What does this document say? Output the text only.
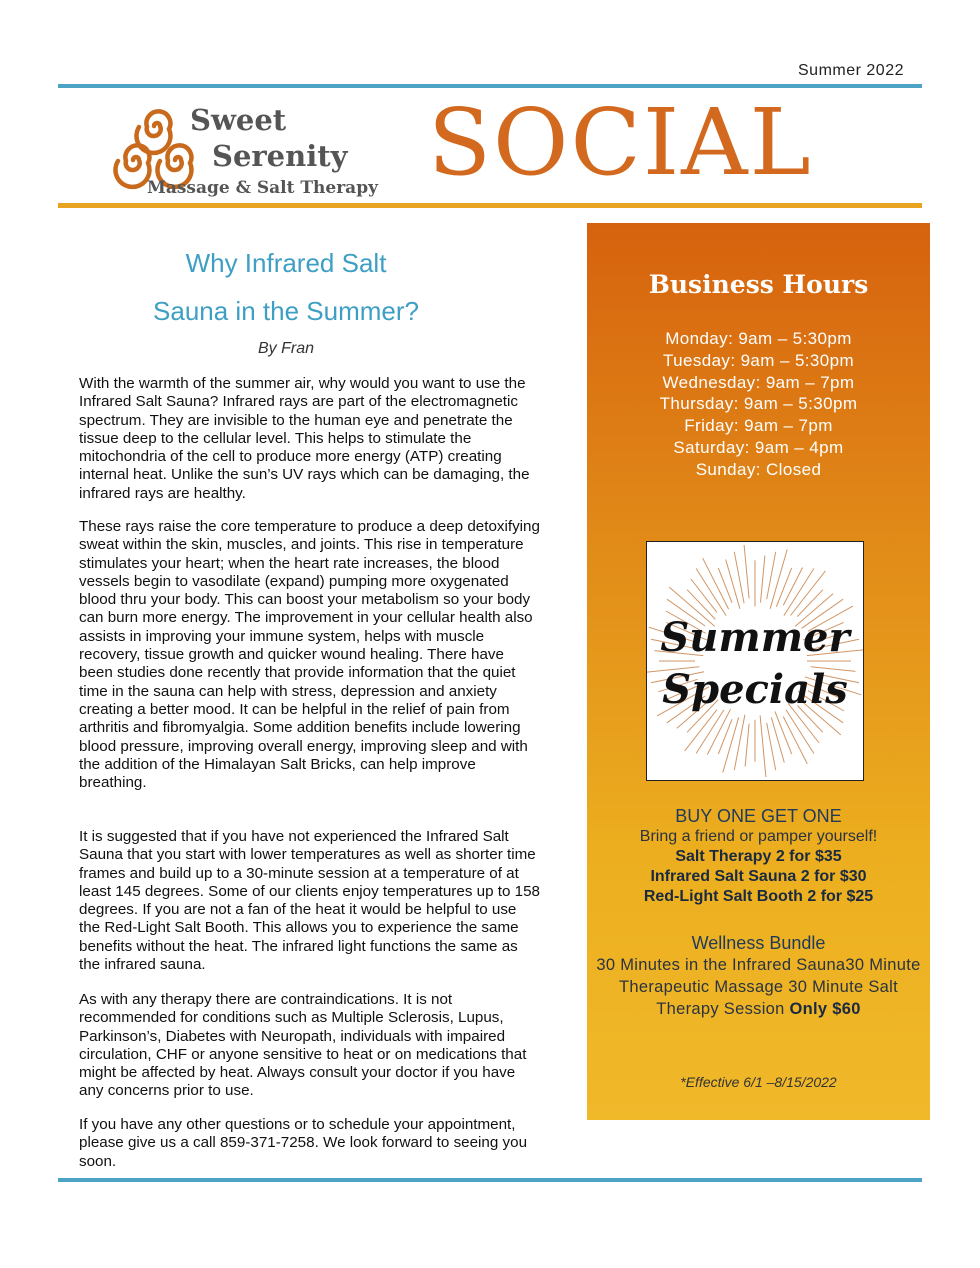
Summer 2022
Sweet
Serenity
Massage & Salt Therapy SOCIAL
Why Infrared Salt
Sauna in the Summer?
By Fran
With the warmth of the summer air, why would you want to use the Infrared Salt Sauna? Infrared rays are part of the electromagnetic spectrum. They are invisible to the human eye and penetrate the tissue deep to the cellular level. This helps to stimulate the mitochondria of the cell to produce more energy (ATP) creating internal heat. Unlike the sun’s UV rays which can be damaging, the infrared rays are healthy.
These rays raise the core temperature to produce a deep detoxifying sweat within the skin, muscles, and joints. This rise in temperature stimulates your heart; when the heart rate increases, the blood vessels begin to vasodilate (expand) pumping more oxygenated blood thru your body. This can boost your metabolism so your body can burn more energy. The improvement in your cellular health also assists in improving your immune system, helps with muscle recovery, tissue growth and quicker wound healing. There have been studies done recently that provide information that the quiet time in the sauna can help with stress, depression and anxiety creating a better mood. It can be helpful in the relief of pain from arthritis and fibromyalgia. Some addition benefits include lowering blood pressure, improving overall energy, improving sleep and with the addition of the Himalayan Salt Bricks, can help improve breathing.
It is suggested that if you have not experienced the Infrared Salt Sauna that you start with lower temperatures as well as shorter time frames and build up to a 30-minute session at a temperature of at least 145 degrees. Some of our clients enjoy temperatures up to 158 degrees. If you are not a fan of the heat it would be helpful to use the Red-Light Salt Booth. This allows you to experience the same benefits without the heat. The infrared light functions the same as the infrared sauna.
As with any therapy there are contraindications. It is not recommended for conditions such as Multiple Sclerosis, Lupus, Parkinson’s, Diabetes with Neuropath, individuals with impaired circulation, CHF or anyone sensitive to heat or on medications that might be affected by heat. Always consult your doctor if you have any concerns prior to use.
If you have any other questions or to schedule your appointment, please give us a call 859-371-7258. We look forward to seeing you soon.
Business Hours
Monday: 9am – 5:30pm
Tuesday: 9am – 5:30pm
Wednesday: 9am – 7pm
Thursday: 9am – 5:30pm
Friday: 9am – 7pm
Saturday: 9am – 4pm
Sunday: Closed
Summer
Specials
BUY ONE GET ONE
Bring a friend or pamper yourself!
Salt Therapy 2 for $35
Infrared Salt Sauna 2 for $30
Red-Light Salt Booth 2 for $25
Wellness Bundle
30 Minutes in the Infrared Sauna30 Minute Therapeutic Massage 30 Minute Salt Therapy Session Only $60
*Effective 6/1 –8/15/2022
